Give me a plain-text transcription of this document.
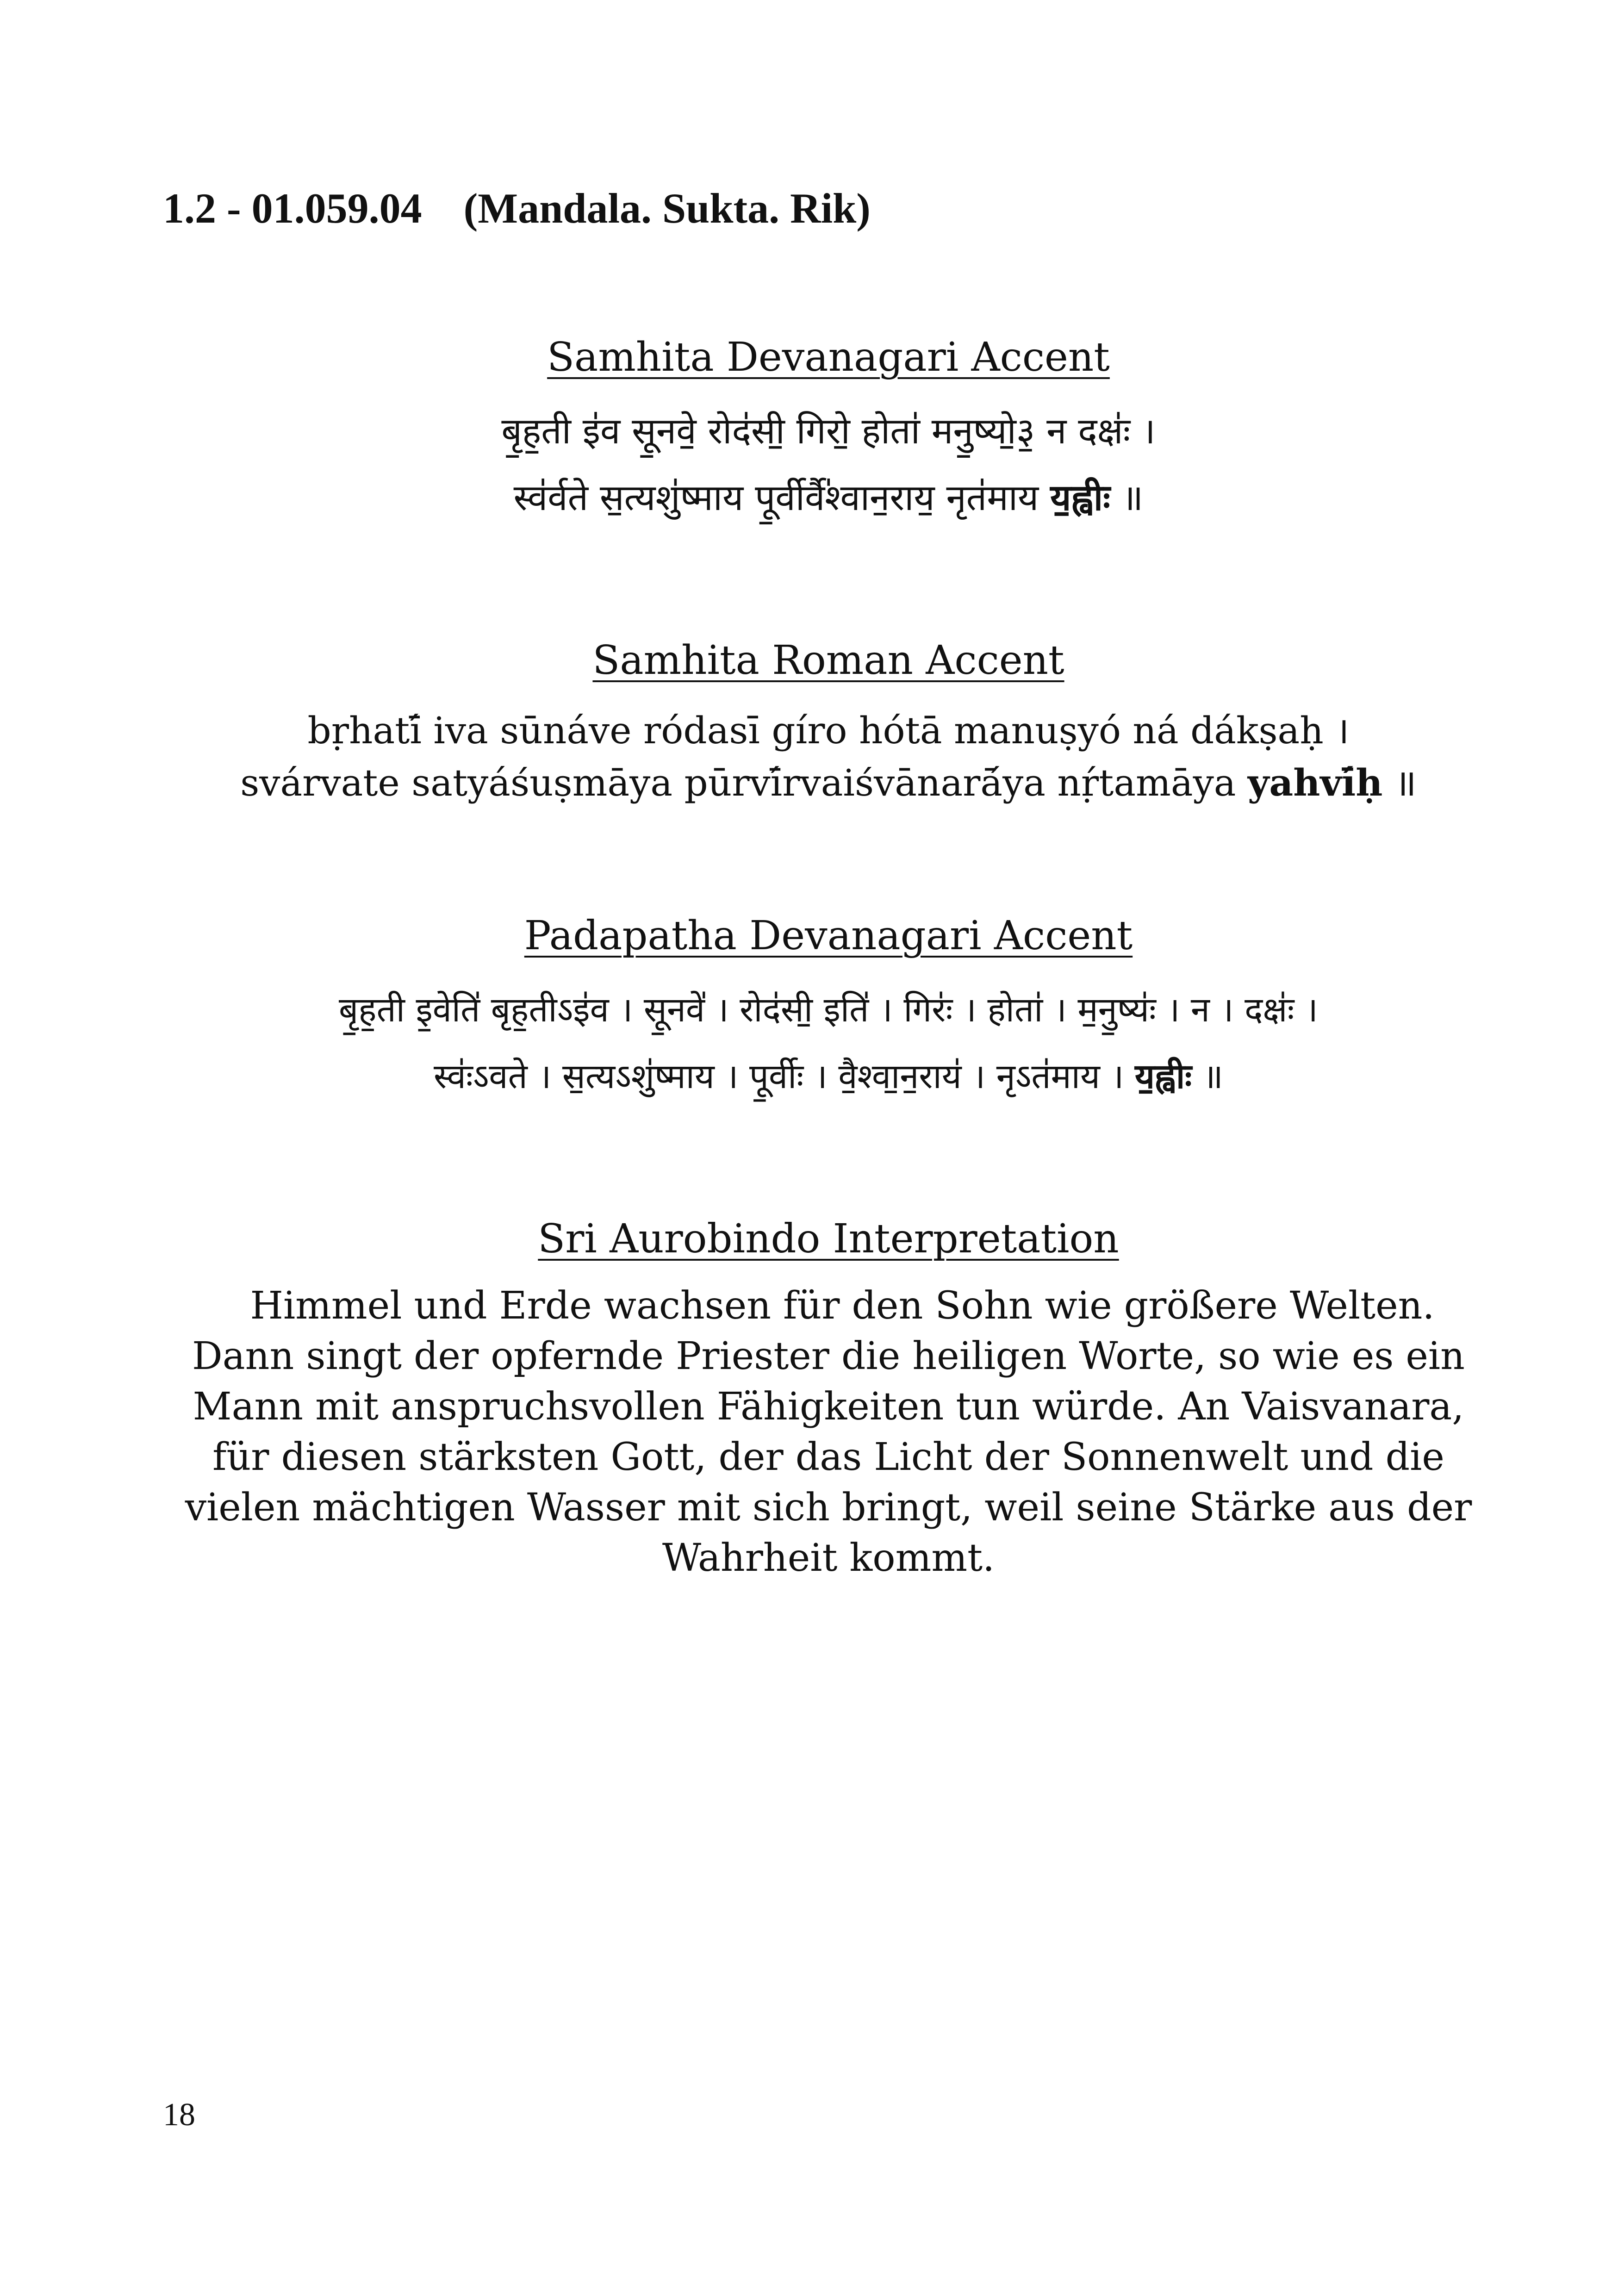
1.2 - 01.059.04 (Mandala. Sukta. Rik)

Samhita Devanagari Accent

बृ॒ह॒ती इ॑व सू॒नवे॒ रोद॑सी॒ गिरो॒ होता॑ मनु॒ष्यो॒३॒ न दक्षः॑ ।

स्व॑र्वते स॒त्यशु॑ष्माय पू॒र्वीर्वै॑श्वान॒राय॒ नृत॑माय य॒ह्वीः ॥

Samhita Roman Accent

bṛhatī́ iva sūnáve ródasī gíro hótā manuṣyó ná dákṣaḥ ।

svárvate satyáśuṣmāya pūrvī́rvaiśvānarā́ya nṛ́tamāya yahvī́ḥ ॥

Padapatha Devanagari Accent

बृ॒ह॒ती इ॒वेति॑ बृह॒तीऽइ॑व । सू॒नवे॑ । रोद॑सी॒ इति॑ । गिरः॑ । होता॑ । म॒नु॒ष्यः॑ । न । दक्षः॑ ।

स्वः॑ऽवते । स॒त्यऽशु॑ष्माय । पू॒र्वीः । वै॒श्वा॒न॒राय॑ । नृऽत॑माय । य॒ह्वीः ॥

Sri Aurobindo Interpretation

Himmel und Erde wachsen für den Sohn wie größere Welten.

Dann singt der opfernde Priester die heiligen Worte, so wie es ein

Mann mit anspruchsvollen Fähigkeiten tun würde. An Vaisvanara,

für diesen stärksten Gott, der das Licht der Sonnenwelt und die

vielen mächtigen Wasser mit sich bringt, weil seine Stärke aus der

Wahrheit kommt.

18
